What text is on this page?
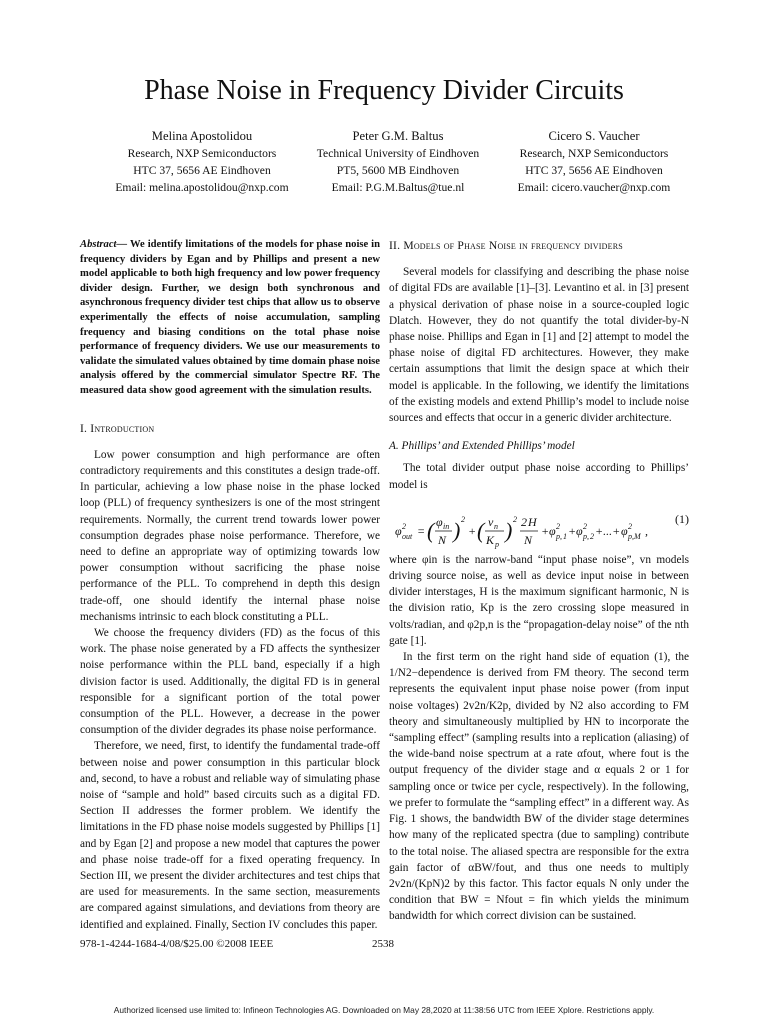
Phase Noise in Frequency Divider Circuits
Melina Apostolidou
Research, NXP Semiconductors
HTC 37, 5656 AE Eindhoven
Email: melina.apostolidou@nxp.com
Peter G.M. Baltus
Technical University of Eindhoven
PT5, 5600 MB Eindhoven
Email: P.G.M.Baltus@tue.nl
Cicero S. Vaucher
Research, NXP Semiconductors
HTC 37, 5656 AE Eindhoven
Email: cicero.vaucher@nxp.com

Abstract— We identify limitations of the models for phase noise in frequency dividers by Egan and by Phillips and present a new model applicable to both high frequency and low power frequency divider design. Further, we design both synchronous and asynchronous frequency divider test chips that allow us to observe experimentally the effects of noise accumulation, sampling frequency and biasing conditions on the total phase noise performance of frequency dividers. We use our measurements to validate the simulated values obtained by time domain phase noise analysis offered by the commercial simulator Spectre RF. The measured data show good agreement with the simulation results.

I. Introduction

Low power consumption and high performance are often contradictory requirements and this constitutes a design trade-off. In particular, achieving a low phase noise in the phase locked loop (PLL) of frequency synthesizers is one of the most stringent requirements. Normally, the current trend towards lower power consumption degrades phase noise performance. Therefore, we need to define an appropriate way of optimizing towards low power consumption without sacrificing the phase noise performance of the PLL. To comprehend in depth this design trade-off, one should identify the internal phase noise mechanisms intrinsic to each block constituting a PLL.

We choose the frequency dividers (FD) as the focus of this work. The phase noise generated by a FD affects the synthesizer noise performance within the PLL band, especially if a high division factor is used. Additionally, the digital FD is in general responsible for a significant portion of the total power consumption of the PLL. However, a decrease in the power consumption of the divider degrades its phase noise performance.

Therefore, we need, first, to identify the fundamental trade-off between noise and power consumption in this particular block and, second, to have a robust and reliable way of simulating phase noise of “sample and hold” based circuits such as a digital FD. Section II addresses the former problem. We identify the limitations in the FD phase noise models suggested by Phillips [1] and by Egan [2] and propose a new model that captures the power and phase noise trade-off for a fixed operating frequency. In Section III, we present the divider architectures and test chips that are used for measurements. In the same section, measurements are compared against simulations, and deviations from theory are identified and explained. Finally, Section IV concludes this paper.

II. Models of Phase Noise in frequency dividers

Several models for classifying and describing the phase noise of digital FDs are available [1]–[3]. Levantino et al. in [3] present a physical derivation of phase noise in a source-coupled logic Dlatch. However, they do not quantify the total divider-by-N phase noise. Phillips and Egan in [1] and [2] attempt to model the phase noise of digital FD architectures. However, they make certain assumptions that limit the design space at which their model is applicable. In the following, we identify the limitations of the existing models and extend Phillip’s model to include noise sources and effects that occur in a generic divider architecture.

A. Phillips’ and Extended Phillips’ model

The total divider output phase noise according to Phillips’ model is

φ 2
out = ( φ in
N ) 2
+ ( v n
K p
) 2 2 H
N
+ φ 2
p, 1 + φ 2
p, 2 +...+ φ 2
p,M ,
(1)

where φin is the narrow-band “input phase noise”, vn models driving source noise, as well as device input noise in between divider interstages, H is the maximum significant harmonic, N is the division ratio, Kp is the zero crossing slope measured in volts/radian, and φ2p,n is the “propagation-delay noise” of the nth gate [1].

In the first term on the right hand side of equation (1), the 1/N2−dependence is derived from FM theory. The second term represents the equivalent input phase noise power (from input noise voltages) 2v2n/K2p, divided by N2 also according to FM theory and simultaneously multiplied by HN to incorporate the “sampling effect” (sampling results into a replication (aliasing) of the wide-band noise spectrum at a rate αfout, where fout is the output frequency of the divider stage and α equals 2 or 1 for sampling once or twice per cycle, respectively). In the following, we prefer to formulate the “sampling effect” in a different way. As Fig. 1 shows, the bandwidth BW of the divider stage determines how many of the replicated spectra (due to sampling) contribute to the total noise. The aliased spectra are responsible for the extra gain factor of αBW/fout, and thus one needs to multiply 2v2n/(KpN)2 by this factor. This factor equals N only under the condition that BW = Nfout = fin which yields the minimum bandwidth for which correct division can be sustained.

978-1-4244-1684-4/08/$25.00 ©2008 IEEE	2538
Authorized licensed use limited to: Infineon Technologies AG. Downloaded on May 28,2020 at 11:38:56 UTC from IEEE Xplore. Restrictions apply.
